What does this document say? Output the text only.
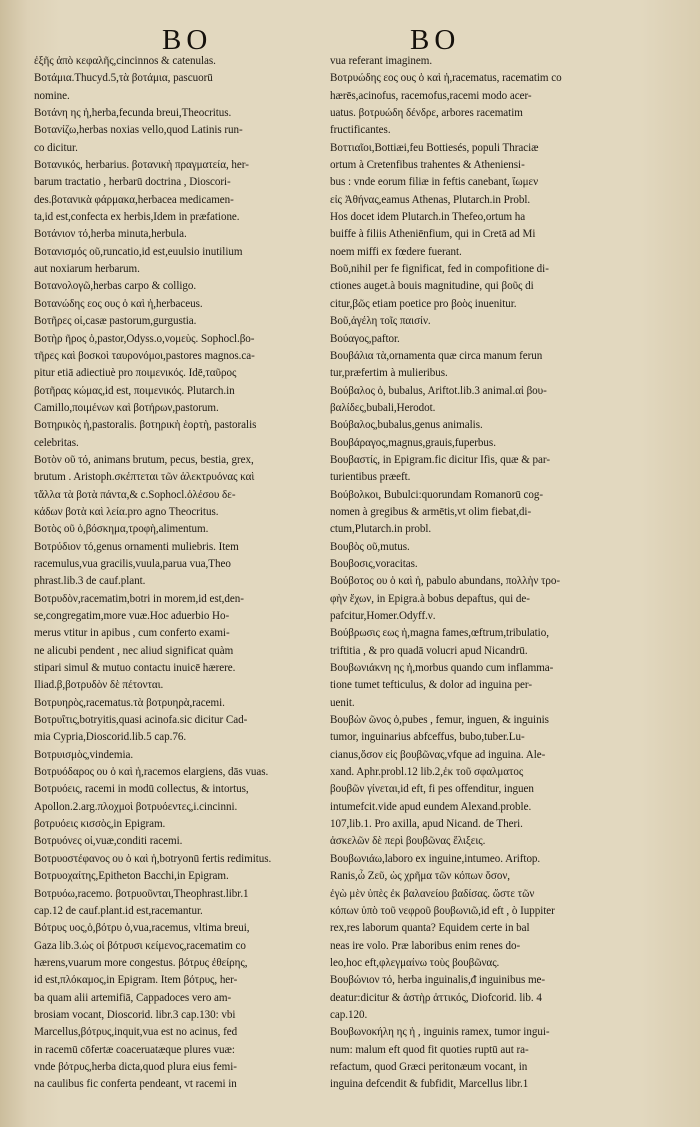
BO	BO
ἐξῆς ἀπὸ κεφαλῆς,cincinnos & catenulas.
Βοτάμια.Thucyd.5,τὰ βοτάμια, pascuorū
nomine.
Βοτάνη ης ἡ,herba,fecunda breui,Theocritus.
Βοτανίζω,herbas noxias vello,quod Latinis run-
co dicitur.
Βοτανικός, herbarius. βοτανικὴ πραγματεία, her-
barum tractatio , herbarū doctrina , Dioscori-
des.βοτανικὰ φάρμακα,herbacea medicamen-
ta,id est,confecta ex herbis,Idem in præfatione.
Βοτάνιον τό,herba minuta,herbula.
Βοτανισμός οῦ,runcatio,id est,euulsio inutilium
aut noxiarum herbarum.
Βοτανολογῶ,herbas carpo & colligo.
Βοτανώδης εος ους ὁ καὶ ἡ,herbaceus.
Βοτῆρες οἱ,casæ pastorum,gurgustia.
Βοτὴρ ῆρος ὁ,pastor,Odyss.o,νομεὺς. Sophocl.βο-
τῆρες καὶ βοσκοὶ ταυρονόμοι,pastores magnos.ca-
pitur etiā adiectiuè pro ποιμενικός. Idē,ταῦρος
βοτῆρας κώμας,id est, ποιμενικός. Plutarch.in
Camillo,ποιμένων καὶ βοτήρων,pastorum.
Βοτηρικὸς ἡ,pastoralis. βοτηρικὴ ἑορτὴ, pastoralis
celebritas.
Βοτὸν οῦ τό, animans brutum, pecus, bestia, grex,
brutum . Aristoph.σκέπτεται τῶν ἀλεκτρυόνας καὶ
τἄλλα τὰ βοτὰ πάντα,& c.Sophocl.ὀλέσου δε-
κάδων βοτὰ καὶ λεία.pro agno Theocritus.
Βοτὸς οῦ ὁ,βόσκημα,τροφὴ,alimentum.
Βοτρύδιον τό,genus ornamenti muliebris. Item
racemulus,vua gracilis,vuula,parua vua,Theo
phrast.lib.3 de cauf.plant.
Βοτρυδὸν,racematim,botri in morem,id est,den-
se,congregatim,more vuæ.Hoc aduerbio Ho-
merus vtitur in apibus , cum conferto exami-
ne alicubi pendent , nec aliud significat quàm
stipari simul & mutuo contactu inuicē hærere.
Iliad.β,βοτρυδὸν δὲ πέτονται.
Βοτρυηρὸς,racematus.τὰ βοτρυηρὰ,racemi.
Βοτρυΐτις,botryitis,quasi acinofa.sic dicitur Cad-
mia Cypria,Dioscorid.lib.5 cap.76.
Βοτρυισμὸς,vindemia.
Βοτρυόδαρος ου ὁ καὶ ἡ,racemos elargiens, dās vuas.
Βοτρυόεις, racemi in modū collectus, & intortus,
Apollon.2.arg.πλοχμοὶ βοτρυόεντες,i.cincinni.
βοτρυόεις κισσὸς,in Epigram.
Βοτρυόνες οἱ,vuæ,conditi racemi.
Βοτρυοστέφανος ου ὁ καὶ ἡ,botryonū fertis redimitus.
Βοτρυοχαίτης,Epitheton Bacchi,in Epigram.
Βοτρυόω,racemo. βοτρυοῦνται,Theophrast.libr.1
cap.12 de cauf.plant.id est,racemantur.
Βότρυς υος,ὁ,βότρυ ὁ,vua,racemus, vltima breui,
Gaza lib.3.ὡς οἱ βότρυσι κείμενος,racematim co
hærens,vuarum more congestus. βότρυς ἐθείρης,
id est,πλόκαμος,in Epigram. Item βότρυς, her-
ba quam alii artemifiā, Cappadoces vero am-
brosiam vocant, Dioscorid. libr.3 cap.130: vbi
Marcellus,βότρυς,inquit,vua est no acinus, fed
in racemū cōfertæ coaceruatæque plures vuæ:
vnde βότρυς,herba dicta,quod plura eius femi-
na caulibus fic conferta pendeant, vt racemi in
vua referant imaginem.
Βοτρυώδης εος ους ὁ καὶ ἡ,racematus, racematim co
hærēs,acinofus, racemofus,racemi modo acer-
uatus. βοτρυώδη δένδρε, arbores racematim
fructificantes.
Βοττιαῖοι,Bottiæi,feu Bottiesés, populi Thraciæ
ortum à Cretenfibus trahentes & Atheniensi-
bus : vnde eorum filiæ in feftis canebant, ἴωμεν
εἰς Ἀθήνας,eamus Athenas, Plutarch.in Probl.
Hos docet idem Plutarch.in Thefeo,ortum ha
buiffe à filiis Atheniēnfium, qui in Cretā ad Mi
noem miffi ex fœdere fuerant.
Βοῦ,nihil per fe fignificat, fed in compofitione di-
ctiones auget.à bouis magnitudine, qui βοῦς di
citur,βῶς etiam poetice pro βοὸς inuenitur.
Βοῦ,ἀγέλη τοῖς παισίν.
Βούαγος,paftor.
Βουβάλια τὰ,ornamenta quæ circa manum ferun
tur,præfertim à mulieribus.
Βούβαλος ὁ, bubalus, Ariftot.lib.3 animal.αἱ βου-
βαλίδες,bubali,Herodot.
Βούβαλος,bubalus,genus animalis.
Βουβάραγος,magnus,grauis,fuperbus.
Βουβαστίς, in Epigram.fic dicitur Ifis, quæ & par-
turientibus præeft.
Βούβολκοι, Bubulci:quorundam Romanorū cog-
nomen à gregibus & armētis,vt olim fiebat,di-
ctum,Plutarch.in probl.
Βουβὸς οῦ,mutus.
Βουβοσις,voracitas.
Βούβοτος ου ὁ καὶ ἡ, pabulo abundans, πολλὴν τρο-
φὴν ἔχων, in Epigra.à bobus depaftus, qui de-
pafcitur,Homer.Odyff.ν.
Βούβρωσις εως ἡ,magna fames,œftrum,tribulatio,
triftitia , & pro quadā volucri apud Nicandrū.
Βουβωνιάκνη ης ἡ,morbus quando cum inflamma-
tione tumet tefticulus, & dolor ad inguina per-
uenit.
Βουβὼν ῶνος ὁ,pubes , femur, inguen, & inguinis
tumor, inguinarius abfceffus, bubo,tuber.Lu-
cianus,ὅσον εἰς βουβῶνας,vfque ad inguina. Ale-
xand. Aphr.probl.12 lib.2,ἐκ τοῦ σφαλματος
βουβῶν γίνεται,id eft, fi pes offenditur, inguen
intumefcit.vide apud eundem Alexand.proble.
107,lib.1. Pro axilla, apud Nicand. de Theri.
ἀσκελῶν δὲ περὶ βουβῶνας ἕλιξεις.
Βουβωνιάω,laboro ex inguine,intumeo. Ariftop.
Ranis,ὦ Ζεῦ, ὡς χρῆμα τῶν κόπων ὅσον,
ἐγὼ μὲν ὑπὲς ἐκ βαλανείου βαδίσας. ὥστε τῶν
κόπων ὑπὸ τοῦ νεφροῦ βουβωνιῶ,id eft , ò Iuppiter
rex,res laborum quanta? Equidem certe in bal
neas ire volo. Præ laboribus enim renes do-
leo,hoc eft,φλεγμαίνω τοὺς βουβῶνας.
Βουβώνιον τό, herba inguinalis,ᵭ inguinibus me-
deatur:dicitur & ἀστὴρ ἀττικός, Diofcorid. lib. 4
cap.120.
Βουβωνοκήλη ης ἡ , inguinis ramex, tumor ingui-
num: malum eft quod fit quoties ruptū aut ra-
refactum, quod Græci peritonæum vocant, in
inguina defcendit & fubfidit, Marcellus libr.1
